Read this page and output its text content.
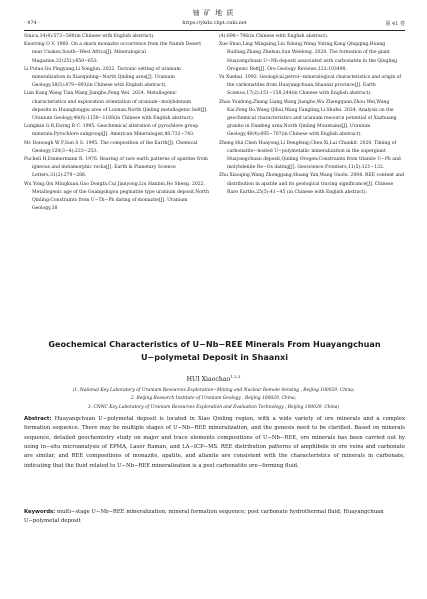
铀 矿 地 质
· 474 ·	https://ykdz.cbpt.cnki.net	第 41 卷

Sinica,34(4):573−580(in Chinese with English abstract).

Knorring O V. 1960. On a skarn monazite occurrence from the Namib Desert near Usakos,South−West Africa[J]. Mineralogical Magazine,32(251):650−653.

Li Putao,Gu Pingyang,Li Yongjun. 2022. Tectonic setting of uranium mineralization in Xiaoqinling−North Qinling area[J]. Uranium Geology,38(5):879−893(in Chinese with English abstract).

Lian Kang,Wang Tian,Wang Jiangbo,Feng Wei. 2024. Metallogenic characteristics and exploration orientation of uranium−molybdenum deposits in Huanglongpu area of Luonan,North Qinling metallogenic belt[J]. Uranium Geology,40(6):1158−1168(in Chinese with English abstract).

Lumpkin G R,Ewing R C. 1995. Geochemical alteration of pyrochlore group minerals:Pyrochlore subgroup[J]. American Mineralogist,80:732−743.

Mc Donough W F,Sun S S. 1995. The composition of the Earth[J]. Chemical Geology,120(3−4):223−253.

Pucheli H,Emmermann R. 1976. Bearing of rare earth patterns of apatites from igneous and metamorphic rocks[J]. Earth & Planetary Science Letters,31(2):279−286.

Wu Yong,Qiu Mingkuan,Gao Dongfa,Cui Jianyong,Liu Hanbin,Ho Sheng. 2022. Metallogenic age of the Guangshigou pegmatite type uranium deposit,North Qinling:Constraints from U−Th−Pb dating of monazite[J]. Uranium Geology,38

(4):698−706(in Chinese with English abstract).

Xue Shuo,Ling Mingxing,Liu Yulong,Wang Yuting,Kang Qingqing,Huang Ruifang,Zhang Zhekun,Sun Weidong. 2020. The formation of the giant Huayangchuan U−Nb deposit associated with carbonatite in the Qingling Orogenic Belt[J]. Ore Geology Reviews,122:103498.

Yu Xuehui. 1992. Geological,petrol−mineralogical characteristics and origin of the carbonatites from Huayangchuan,Shaanxi province[J]. Earth Science,17(2):151−158,244(in Chinese with English abstract).

Zhao Youdong,Zhang Liang,Wang Jiangbo,Wu Zhengquan,Zhou Wei,Wang Kai,Feng Bo,Wang Qihui,Wang Fangling,Li Shufei. 2024. Analysis on the geochemical characteristics and uranium resource potential of Xuzhuang granite in Danfeng area,North Qinling Mountains[J]. Uranium Geology,40(4):695−707(in Chinese with English abstract).

Zheng Hui,Chen Huayong,Li Dengfeng,Chen Xi,Lai Chunkit. 2020. Timing of carbonatite−hosted U−polymetallic mineralization in the supergiant Huayangchuan deposit,Qinling Orogen:Constraints from titanite U−Pb and molybdenite Re−Os dating[J]. Geoscience Frontiers,11(5):121−132.

Zhu Xiaoqing,Wang Zhonggang,Huang Yan,Wang Guolu. 2004. REE content and distribution in apatite and its geological tracing significance[J]. Chinese Rare Earths,25(5):41−45 (in Chinese with English abstract).

Geochemical Characteristics of U−Nb−REE Minerals From Huayangchuan U−polymetal Deposit in Shaanxi
HUI Xiaochao$^{1,2,3}$
(1. National Key Laboratory of Uranium Resources Exploration−Mining and Nuclear Remote Sensing , Beijing 100029, China;
2. Beijing Research Institute of Uranium Geology , Beijing 100029, China;
3. CNNC Key Laboratory of Uranium Resources Exploration and Evaluation Technology , Beijing 100029, China)
Abstract: Huayangchuan U−polymetal deposit is located in Xiao Qinling region, with a wide variety of ore minerals and a complex formation sequence. There may be multiple stages of U−Nb−REE mineralization, and the genesis need to be clarified. Based on minerals sequence, detailed geochemistry study on major and trace elements compositions of U−Nb−REE, ore minerals has been carried out by using in−situ microanalysis of EPMA, Laser Raman, and LA−ICP−MS. REE distribution patterns of amphibole in ore veins and carbonate are similar, and REE compositions of monazite, apatite, and allanite are consistent with the characteristics of minerals in carbonate, indicating that the fluid related to U−Nb−REE mineralization is a post carbonatite ore−forming fluid.
Keywords: multi−stage U−Nb−REE mineralization; mineral formation sequence; post carbonate hydrothermal fluid; Huayangchuan U−polymetal deposit
